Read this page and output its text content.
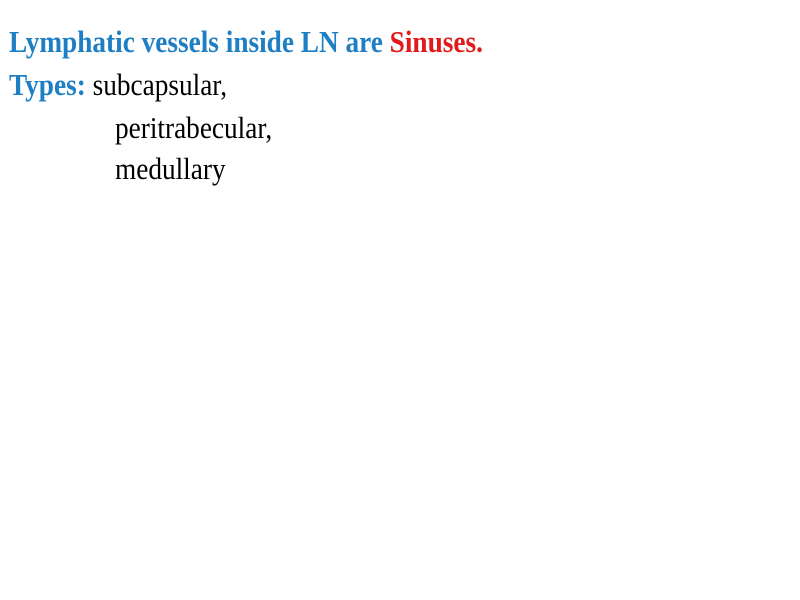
Lymphatic vessels inside LN are Sinuses.
Types: subcapsular,
peritrabecular,
medullary
